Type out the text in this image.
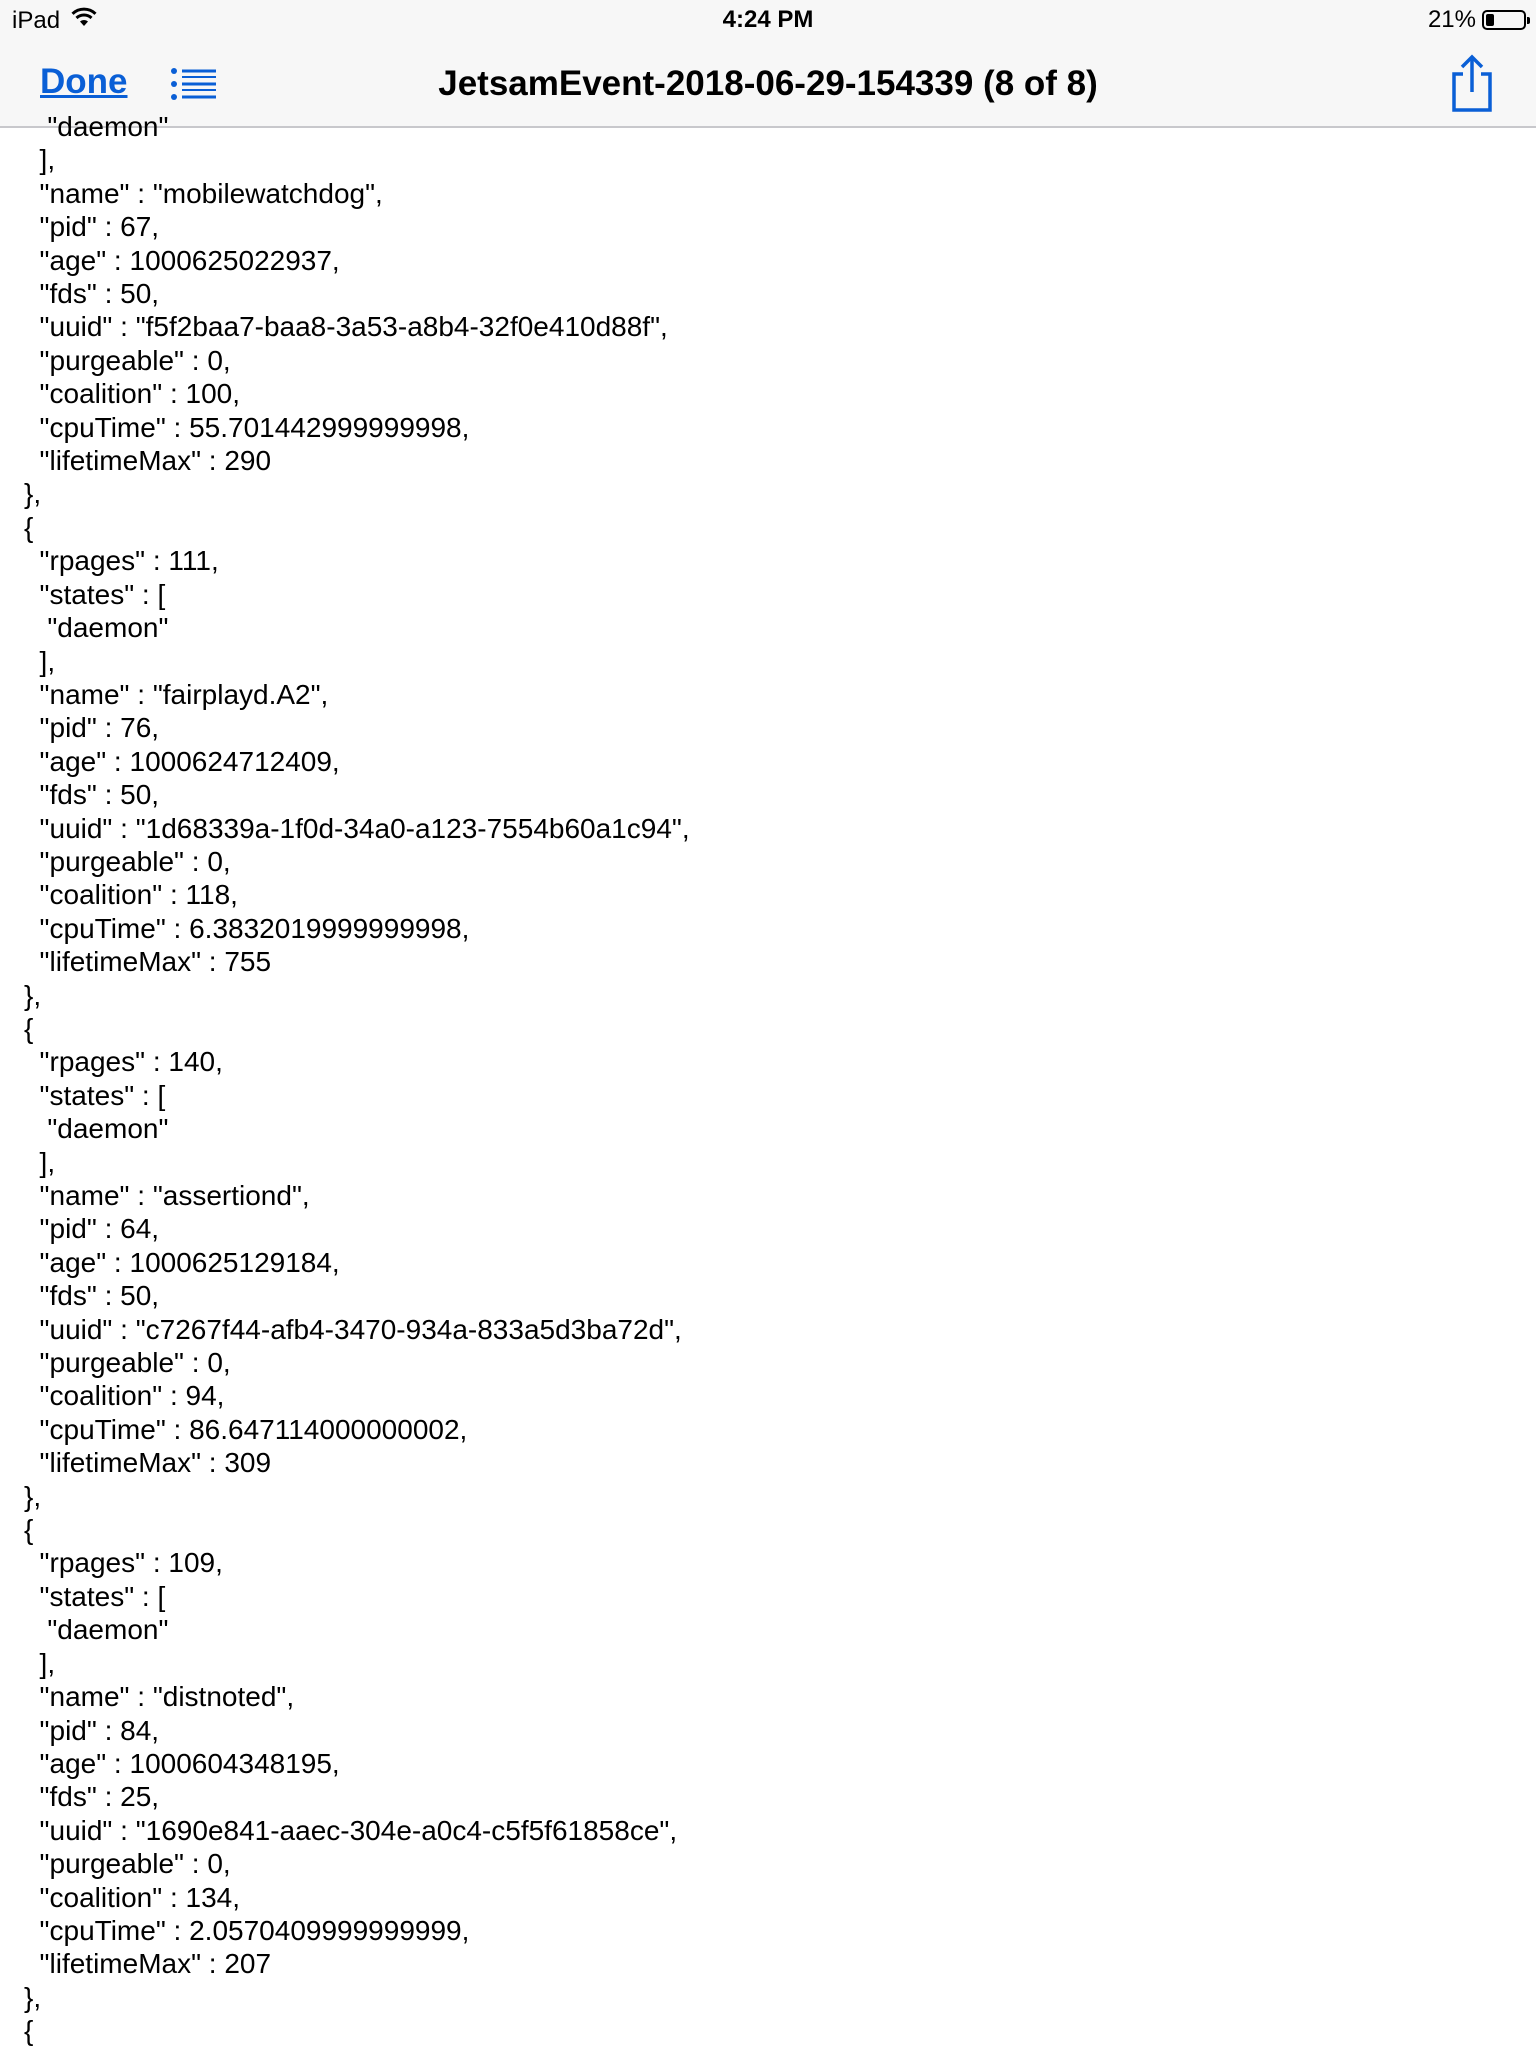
iPad	4:24 PM	21%
Done	JetsamEvent-2018-06-29-154339 (8 of 8)
"daemon"
],
"name" : "mobilewatchdog",
"pid" : 67,
"age" : 1000625022937,
"fds" : 50,
"uuid" : "f5f2baa7-baa8-3a53-a8b4-32f0e410d88f",
"purgeable" : 0,
"coalition" : 100,
"cpuTime" : 55.701442999999998,
"lifetimeMax" : 290
},
{
"rpages" : 111,
"states" : [
"daemon"
],
"name" : "fairplayd.A2",
"pid" : 76,
"age" : 1000624712409,
"fds" : 50,
"uuid" : "1d68339a-1f0d-34a0-a123-7554b60a1c94",
"purgeable" : 0,
"coalition" : 118,
"cpuTime" : 6.3832019999999998,
"lifetimeMax" : 755
},
{
"rpages" : 140,
"states" : [
"daemon"
],
"name" : "assertiond",
"pid" : 64,
"age" : 1000625129184,
"fds" : 50,
"uuid" : "c7267f44-afb4-3470-934a-833a5d3ba72d",
"purgeable" : 0,
"coalition" : 94,
"cpuTime" : 86.647114000000002,
"lifetimeMax" : 309
},
{
"rpages" : 109,
"states" : [
"daemon"
],
"name" : "distnoted",
"pid" : 84,
"age" : 1000604348195,
"fds" : 25,
"uuid" : "1690e841-aaec-304e-a0c4-c5f5f61858ce",
"purgeable" : 0,
"coalition" : 134,
"cpuTime" : 2.0570409999999999,
"lifetimeMax" : 207
},
{
